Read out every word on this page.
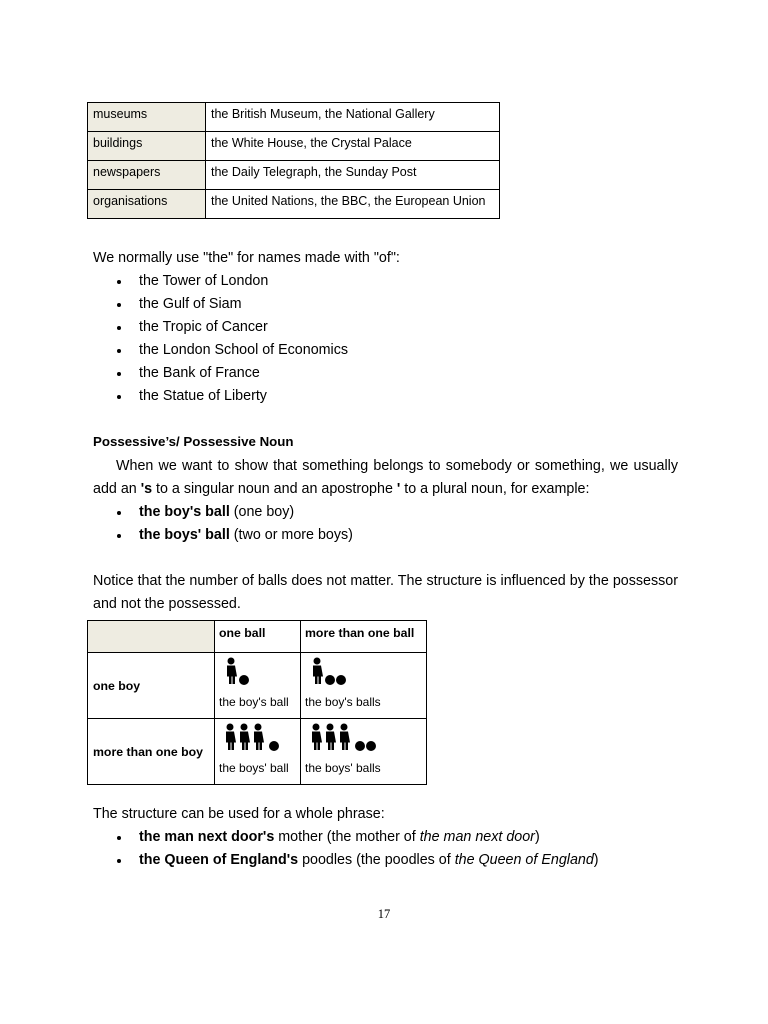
museums	the British Museum, the National Gallery
buildings	the White House, the Crystal Palace
newspapers	the Daily Telegraph, the Sunday Post
organisations	the United Nations, the BBC, the European Union
We normally use "the" for names made with "of":
the Tower of London
the Gulf of Siam
the Tropic of Cancer
the London School of Economics
the Bank of France
the Statue of Liberty
Possessive’s/ Possessive Noun
When we want to show that something belongs to somebody or something, we usually add an 's to a singular noun and an apostrophe ' to a plural noun, for example:
the boy's ball (one boy)
the boys' ball (two or more boys)
Notice that the number of balls does not matter. The structure is influenced by the possessor and not the possessed.
	one ball	more than one ball
one boy	the boy's ball	the boy's balls

more than one boy	the boys' ball	the boys' balls
The structure can be used for a whole phrase:
the man next door's mother (the mother of the man next door)
the Queen of England's poodles (the poodles of the Queen of England)
17
